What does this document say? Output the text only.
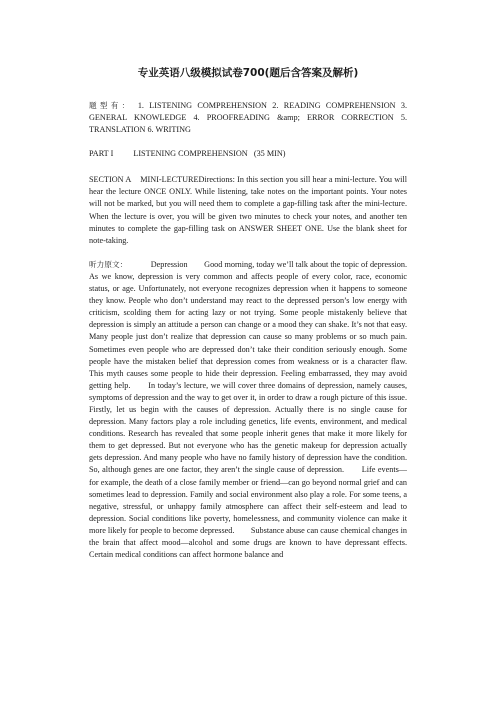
专业英语八级模拟试卷700(题后含答案及解析)

题型有： 1. LISTENING COMPREHENSION 2. READING COMPREHENSION 3. GENERAL KNOWLEDGE 4. PROOFREADING &amp; ERROR CORRECTION 5. TRANSLATION 6. WRITING

PART I LISTENING COMPREHENSION (35 MIN)

SECTION A MINI-LECTUREDirections: In this section you sill hear a mini-lecture. You will hear the lecture ONCE ONLY. While listening, take notes on the important points. Your notes will not be marked, but you will need them to complete a gap-filling task after the mini-lecture. When the lecture is over, you will be given two minutes to check your notes, and another ten minutes to complete the gap-filling task on ANSWER SHEET ONE. Use the blank sheet for note-taking.

听力原文：	Depression　　Good morning, today we’ll talk about the topic of depression. As we know, depression is very common and affects people of every color, race, economic status, or age. Unfortunately, not everyone recognizes depression when it happens to someone they know. People who don’t understand may react to the depressed person’s low energy with criticism, scolding them for acting lazy or not trying. Some people mistakenly believe that depression is simply an attitude a person can change or a mood they can shake. It’s not that easy.　　Many people just don’t realize that depression can cause so many problems or so much pain. Sometimes even people who are depressed don’t take their condition seriously enough. Some people have the mistaken belief that depression comes from weakness or is a character flaw. This myth causes some people to hide their depression. Feeling embarrassed, they may avoid getting help.　　In today’s lecture, we will cover three domains of depression, namely causes, symptoms of depression and the way to get over it, in order to draw a rough picture of this issue.　　Firstly, let us begin with the causes of depression. Actually there is no single cause for depression. Many factors play a role including genetics, life events, environment, and medical conditions. Research has revealed that some people inherit genes that make it more likely for them to get depressed. But not everyone who has the genetic makeup for depression actually gets depression. And many people who have no family history of depression have the condition. So, although genes are one factor, they aren’t the single cause of depression.　　Life events—for example, the death of a close family member or friend—can go beyond normal grief and can sometimes lead to depression. Family and social environment also play a role. For some teens, a negative, stressful, or unhappy family atmosphere can affect their self-esteem and lead to depression. Social conditions like poverty, homelessness, and community violence can make it more likely for people to become depressed.　　Substance abuse can cause chemical changes in the brain that affect mood—alcohol and some drugs are known to have depressant effects. Certain medical conditions can affect hormone balance and
